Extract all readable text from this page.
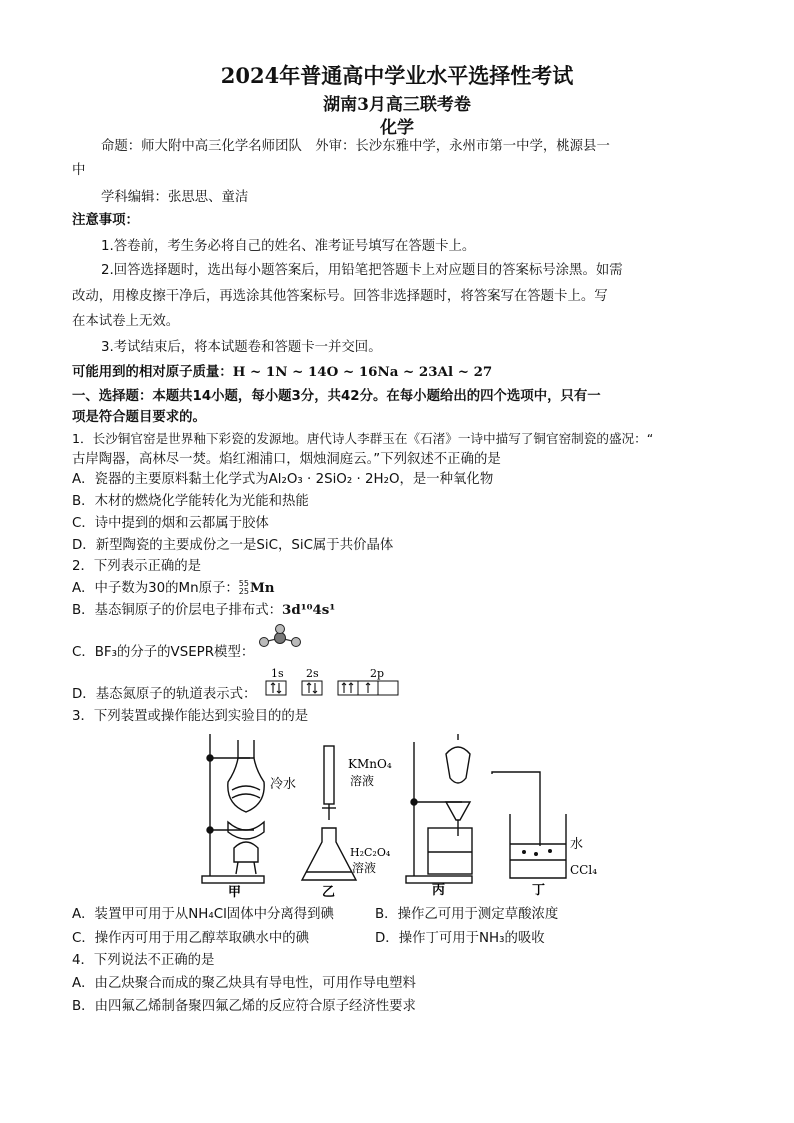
2024年普通高中学业水平选择性考试
湖南3月高三联考卷
化学
命题：师大附中高三化学名师团队　外审：长沙东雅中学，永州市第一中学，桃源县一
中
学科编辑：张思思、童洁
注意事项：
1.答卷前，考生务必将自己的姓名、准考证号填写在答题卡上。
2.回答选择题时，选出每小题答案后，用铅笔把答题卡上对应题目的答案标号涂黑。如需
改动，用橡皮擦干净后，再选涂其他答案标号。回答非选择题时，将答案写在答题卡上。写
在本试卷上无效。
3.考试结束后，将本试题卷和答题卡一并交回。
可能用到的相对原子质量：H ~ 1N ~ 14O ~ 16Na ~ 23Al ~ 27
一、选择题：本题共14小题，每小题3分，共42分。在每小题给出的四个选项中，只有一
项是符合题目要求的。
1．长沙铜官窑是世界釉下彩瓷的发源地。唐代诗人李群玉在《石渚》一诗中描写了铜官窑制瓷的盛况：“
古岸陶器，高林尽一焚。焰红湘浦口，烟烛洞庭云。”下列叙述不正确的是
A．瓷器的主要原料黏土化学式为Al₂O₃ · 2SiO₂ · 2H₂O，是一种氧化物
B．木材的燃烧化学能转化为光能和热能
C．诗中提到的烟和云都属于胶体
D．新型陶瓷的主要成份之一是SiC，SiC属于共价晶体
2．下列表示正确的是
A．中子数为30的Mn原子： 55
25 Mn
B．基态铜原子的价层电子排布式：3d¹⁰4s¹
C．BF₃的分子的VSEPR模型：
D．基态氮原子的轨道表示式：
1s 2s	2p
3．下列装置或操作能达到实验目的的是
冷水
KMnO₄
溶液
H₂C₂O₄
溶液
水
CCl₄
甲	乙	丙	丁
A．装置甲可用于从NH₄Cl固体中分离得到碘	B．操作乙可用于测定草酸浓度
C．操作丙可用于用乙醇萃取碘水中的碘	D．操作丁可用于NH₃的吸收
4．下列说法不正确的是
A．由乙炔聚合而成的聚乙炔具有导电性，可用作导电塑料
B．由四氟乙烯制备聚四氟乙烯的反应符合原子经济性要求
